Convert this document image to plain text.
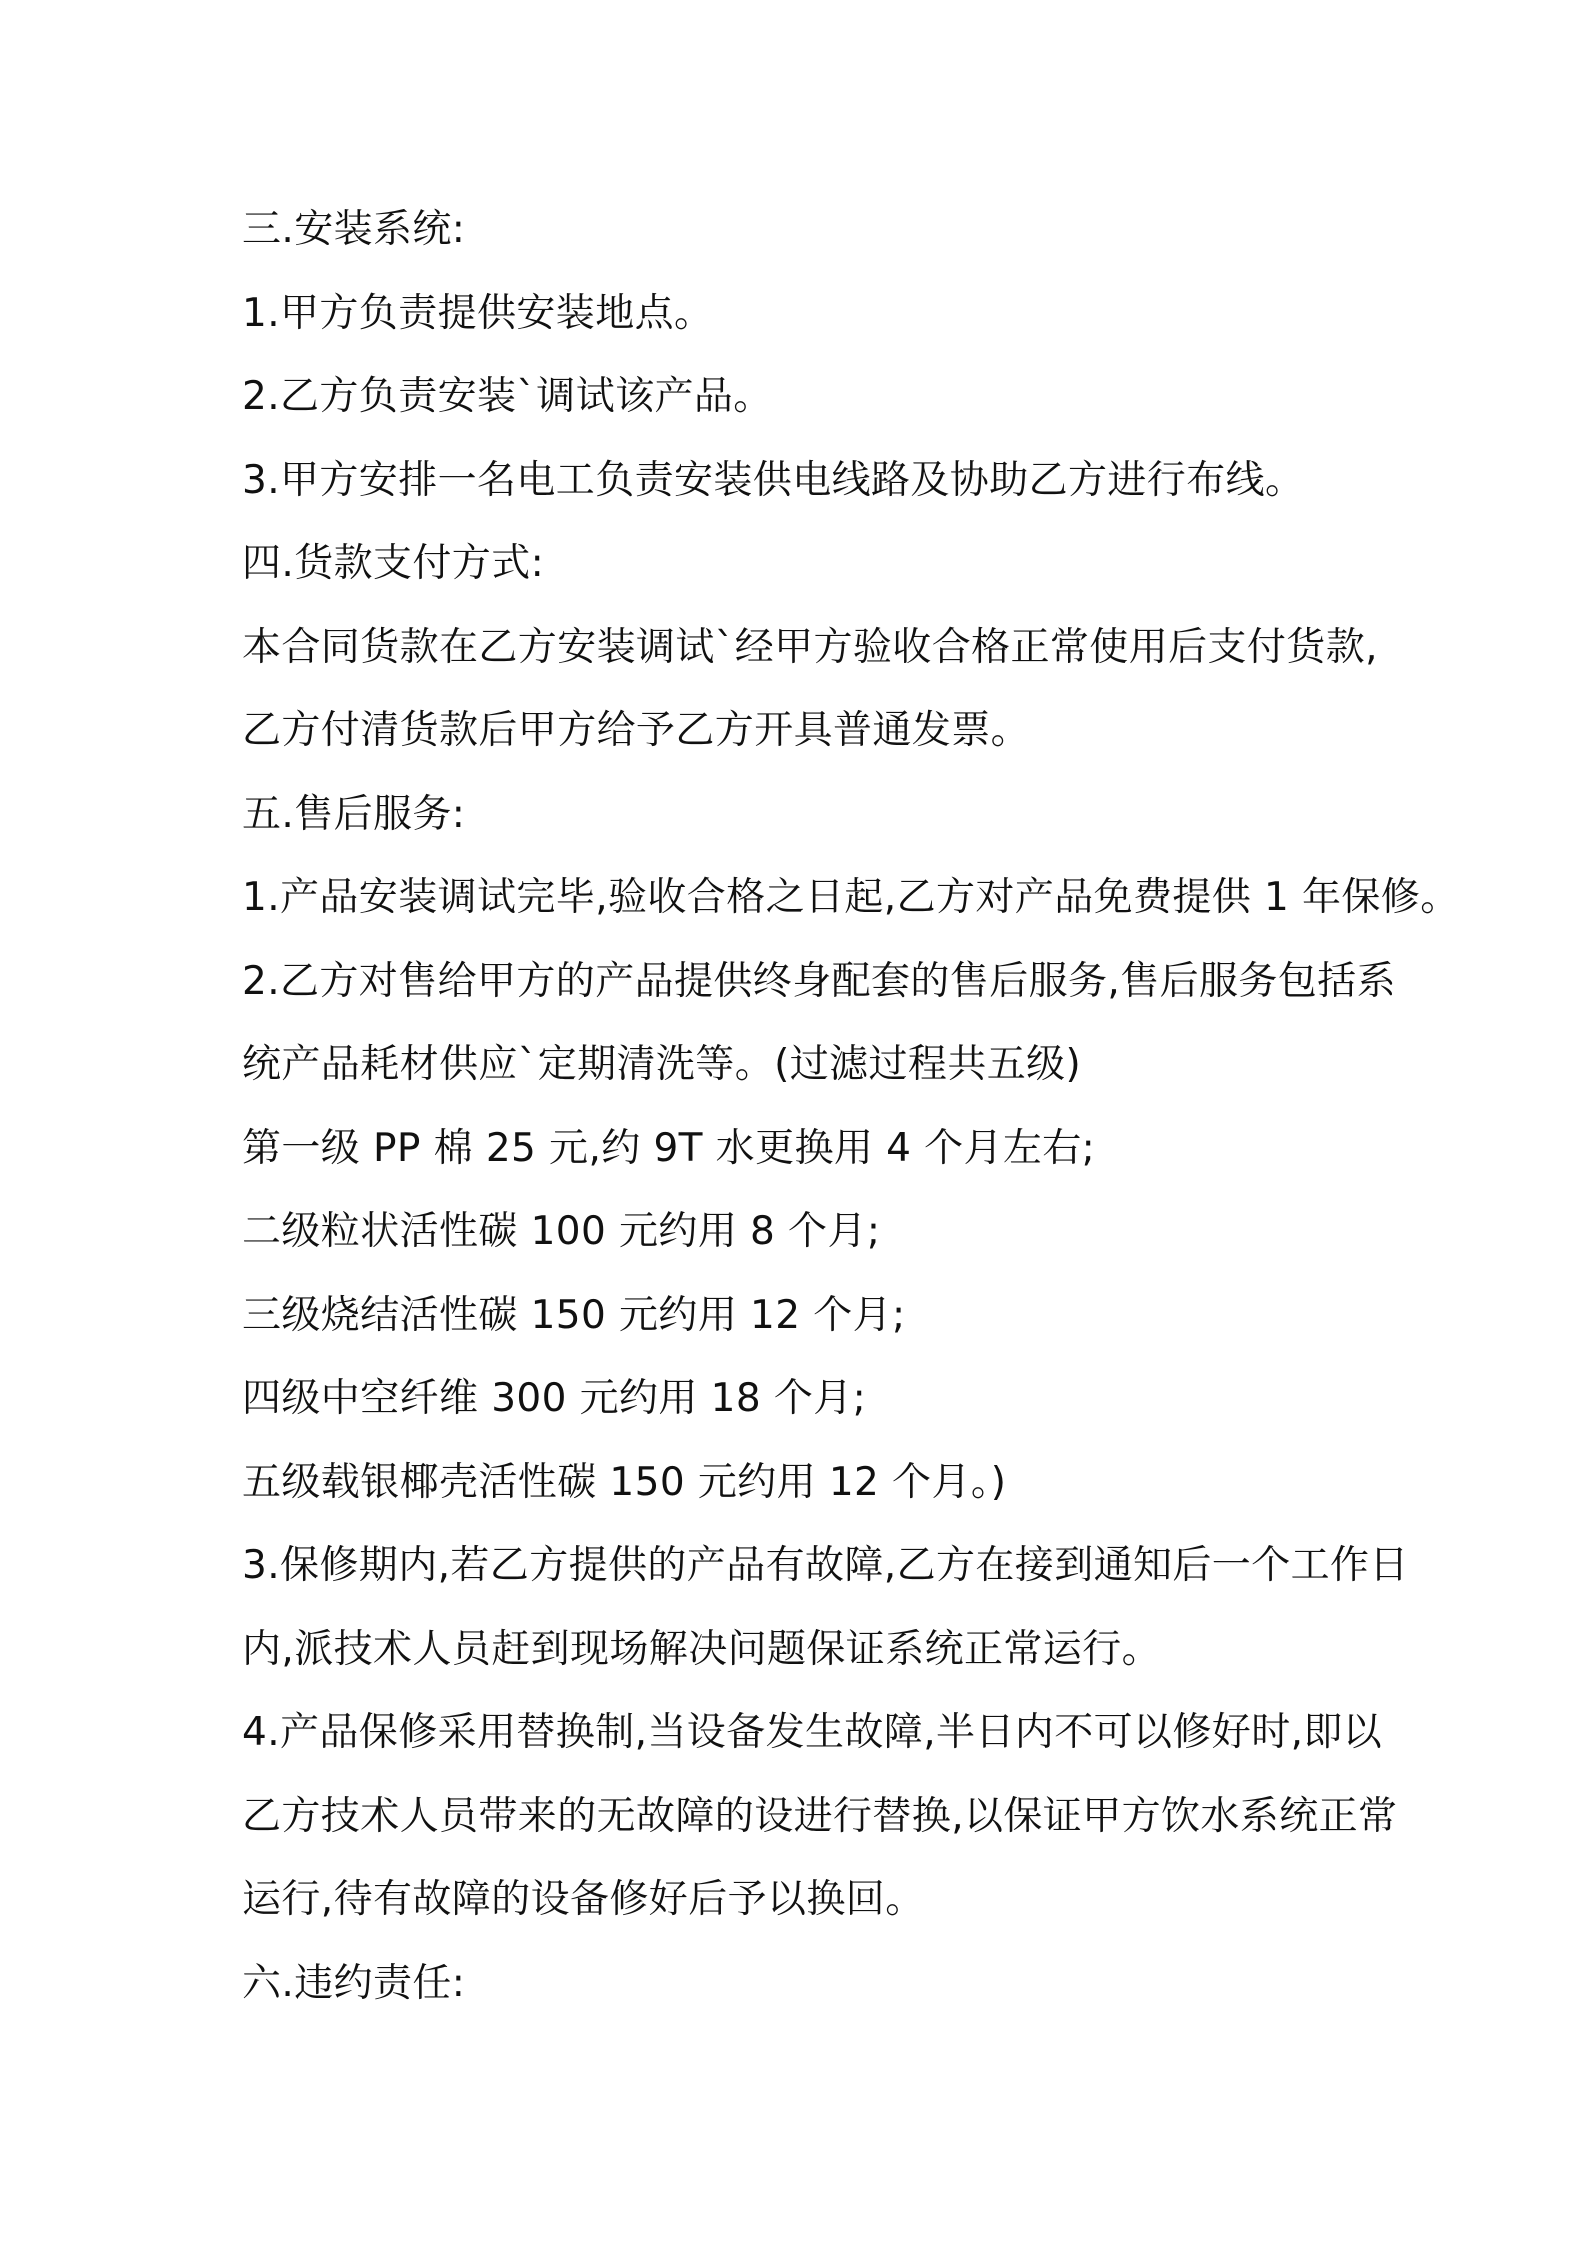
三.安装系统:
1.甲方负责提供安装地点。
2.乙方负责安装`调试该产品。
3.甲方安排一名电工负责安装供电线路及协助乙方进行布线。
四.货款支付方式:
本合同货款在乙方安装调试`经甲方验收合格正常使用后支付货款,
乙方付清货款后甲方给予乙方开具普通发票。
五.售后服务:
1.产品安装调试完毕,验收合格之日起,乙方对产品免费提供 1 年保修。
2.乙方对售给甲方的产品提供终身配套的售后服务,售后服务包括系
统产品耗材供应`定期清洗等。(过滤过程共五级)
第一级 PP 棉 25 元,约 9T 水更换用 4 个月左右;
二级粒状活性碳 100 元约用 8 个月;
三级烧结活性碳 150 元约用 12 个月;
四级中空纤维 300 元约用 18 个月;
五级载银椰壳活性碳 150 元约用 12 个月。)
3.保修期内,若乙方提供的产品有故障,乙方在接到通知后一个工作日
内,派技术人员赶到现场解决问题保证系统正常运行。
4.产品保修采用替换制,当设备发生故障,半日内不可以修好时,即以
乙方技术人员带来的无故障的设进行替换,以保证甲方饮水系统正常
运行,待有故障的设备修好后予以换回。
六.违约责任:
